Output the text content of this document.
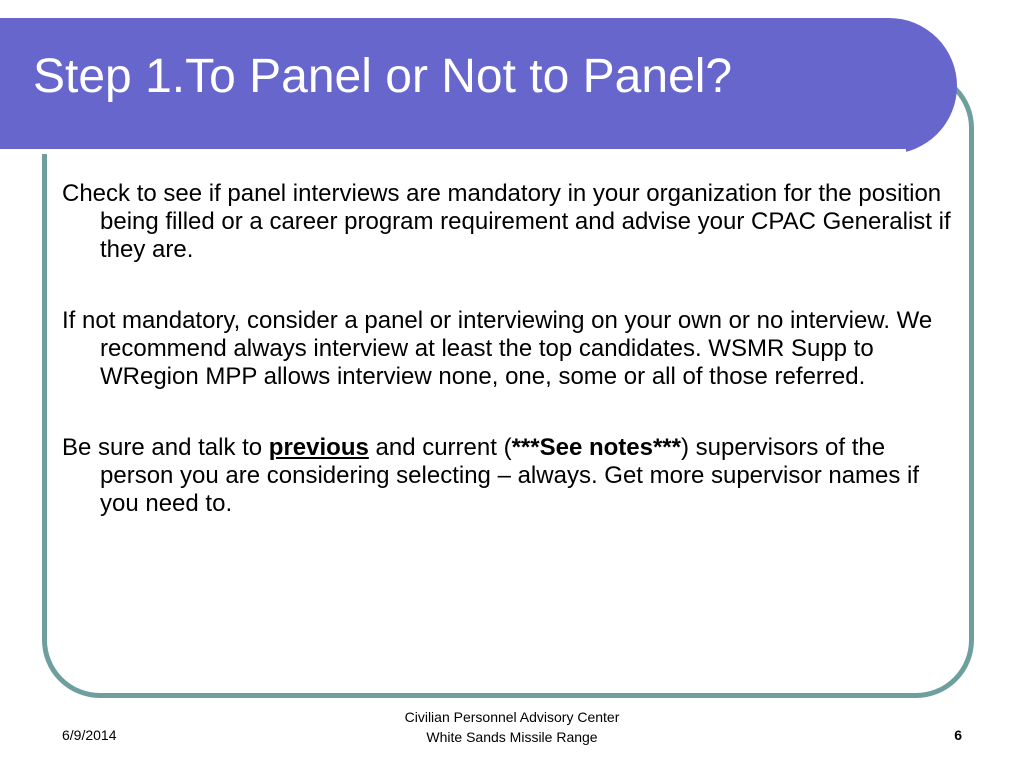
Step 1.To Panel or Not to Panel?

Check to see if panel interviews are mandatory in your organization for the position being filled or a career program requirement and advise your CPAC Generalist if they are.

If not mandatory, consider a panel or interviewing on your own or no interview. We recommend always interview at least the top candidates. WSMR Supp to WRegion MPP allows interview none, one, some or all of those referred.

Be sure and talk to previous and current (***See notes***) supervisors of the person you are considering selecting – always. Get more supervisor names if you need to.

6/9/2014
Civilian Personnel Advisory Center
White Sands Missile Range	6
